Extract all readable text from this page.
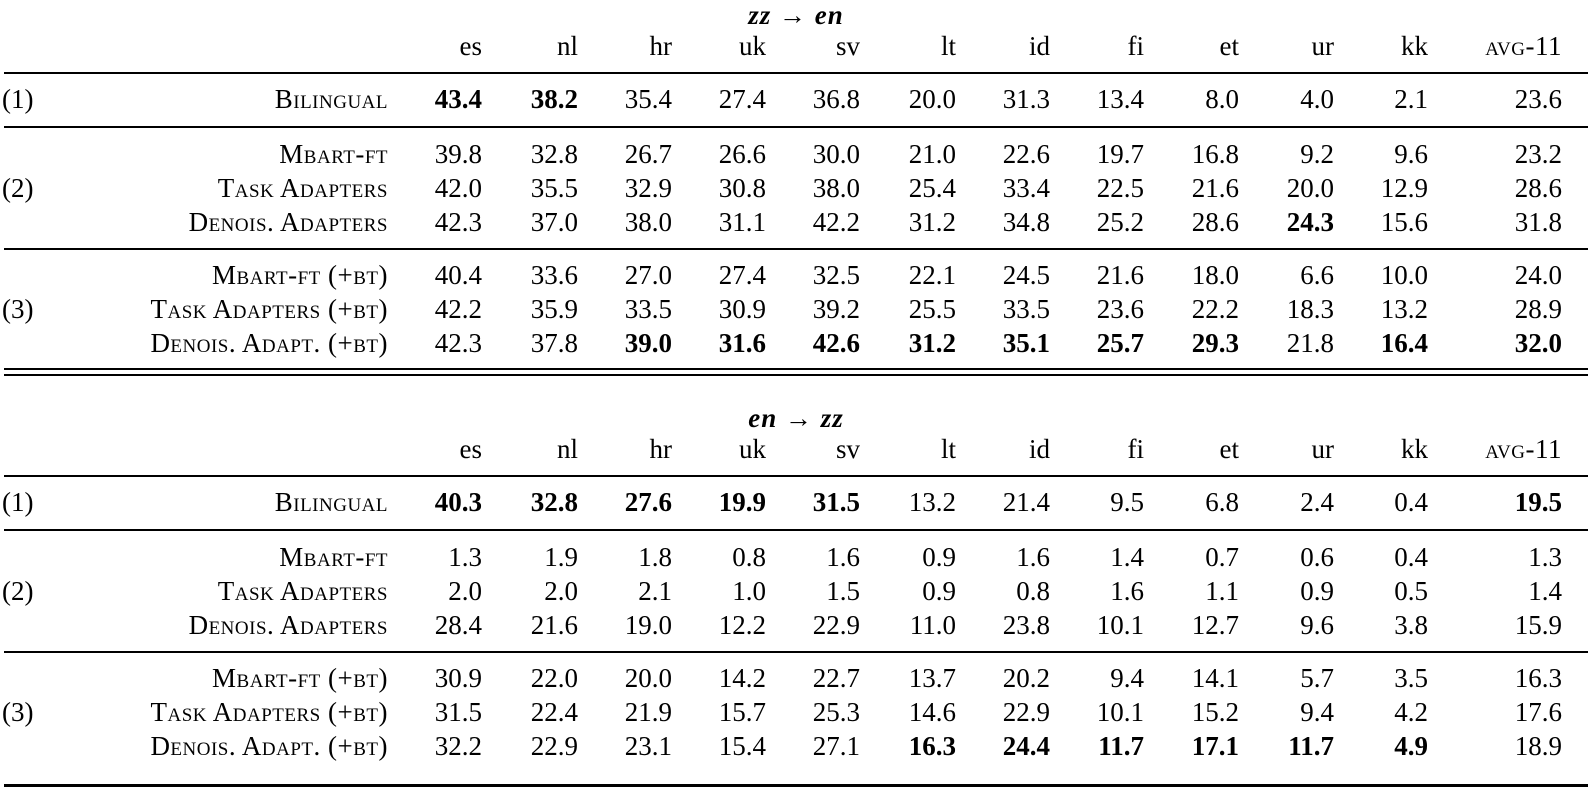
zz → en
es	nl	hr uk	sv	lt	id	fi	et	ur kk avg-11
(1)	Bilingual 43.4 38.2 35.4 27.4 36.8 20.0 31.3 13.4 8.0 4.0 2.1	23.6
(2)
Mbart-ft 39.8 32.8 26.7 26.6 30.0 21.0 22.6 19.7 16.8 9.2 9.6	23.2
Task Adapters 42.0 35.5 32.9 30.8 38.0 25.4 33.4 22.5 21.6 20.0 12.9	28.6
Denois. Adapters 42.3 37.0 38.0 31.1 42.2 31.2 34.8 25.2 28.6 24.3 15.6	31.8
(3)
Mbart-ft (+bt) 40.4 33.6 27.0 27.4 32.5 22.1 24.5 21.6 18.0 6.6 10.0	24.0
Task Adapters (+bt) 42.2 35.9 33.5 30.9 39.2 25.5 33.5 23.6 22.2 18.3 13.2	28.9
Denois. Adapt. (+bt) 42.3 37.8 39.0 31.6 42.6 31.2 35.1 25.7 29.3 21.8 16.4	32.0
en → zz
es	nl	hr uk	sv	lt	id	fi	et	ur kk avg-11
(1)	Bilingual 40.3 32.8 27.6 19.9 31.5 13.2 21.4 9.5 6.8 2.4 0.4	19.5
(2)
Mbart-ft 1.3 1.9 1.8 0.8 1.6 0.9 1.6 1.4 0.7 0.6 0.4	1.3
Task Adapters 2.0 2.0 2.1 1.0 1.5 0.9 0.8 1.6 1.1 0.9 0.5	1.4
Denois. Adapters 28.4 21.6 19.0 12.2 22.9 11.0 23.8 10.1 12.7 9.6 3.8	15.9
(3)
Mbart-ft (+bt) 30.9 22.0 20.0 14.2 22.7 13.7 20.2 9.4 14.1 5.7 3.5	16.3
Task Adapters (+bt) 31.5 22.4 21.9 15.7 25.3 14.6 22.9 10.1 15.2 9.4 4.2	17.6
Denois. Adapt. (+bt) 32.2 22.9 23.1 15.4 27.1 16.3 24.4 11.7 17.1 11.7 4.9	18.9
